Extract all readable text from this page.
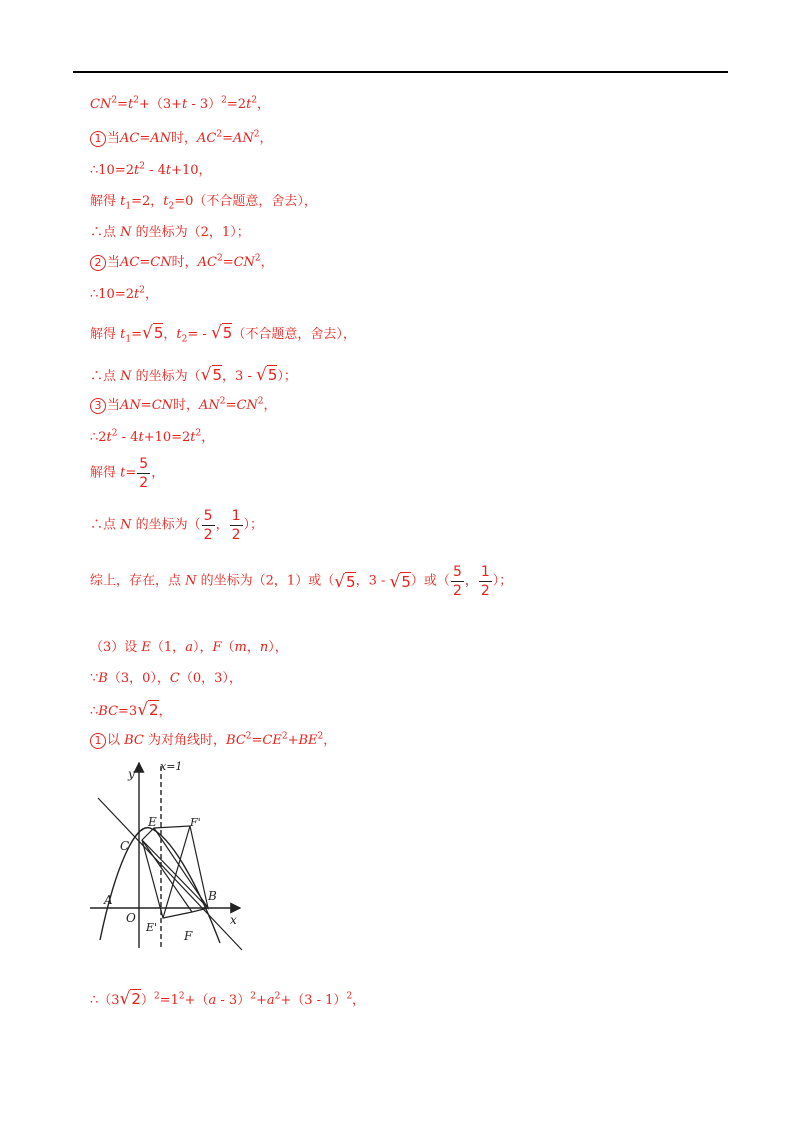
$CN^2=t^2+(3+t - 3)^2=2t^2$，
1 当AC=AN时，$AC^2=AN^2$，
$\therefore 10=2t^2 - 4t+10$，
解得 $t_1=2$，$t_2=0$（不合题意，舍去），
∴点 N 的坐标为（2，1）；
2 当AC=CN时，$AC^2=CN^2$，
$\therefore 10=2t^2$，
解得 $t_1=√5$，$t_2= - √5$（不合题意，舍去），
∴点 N 的坐标为（√5，3 - √5）；
3 当AN=CN时，$AN^2=CN^2$，
$\therefore 2t^2 - 4t+10=2t^2$，
解得 $t= \frac{5}{2}$ ，
∴点 N 的坐标为（ $\frac{5}{2}$ ， $\frac{1}{2}$ ）；
综上，存在，点 N 的坐标为（2，1）或（√5，3 - √5）或（ $\frac{5}{2}$ ， $\frac{1}{2}$ ）；
（3）设 E（1，a），F（m，n），
∵B（3，0），C（0，3），
∴BC=3√2，
1 以 BC 为对角线时，$BC^2=CE^2+BE^2$，
y
x
x=1
C
E	F'
B
A
O
E'
F
$\therefore(3√2)^2=1^2+(a - 3)^2+a^2+(3 - 1)^2$，
